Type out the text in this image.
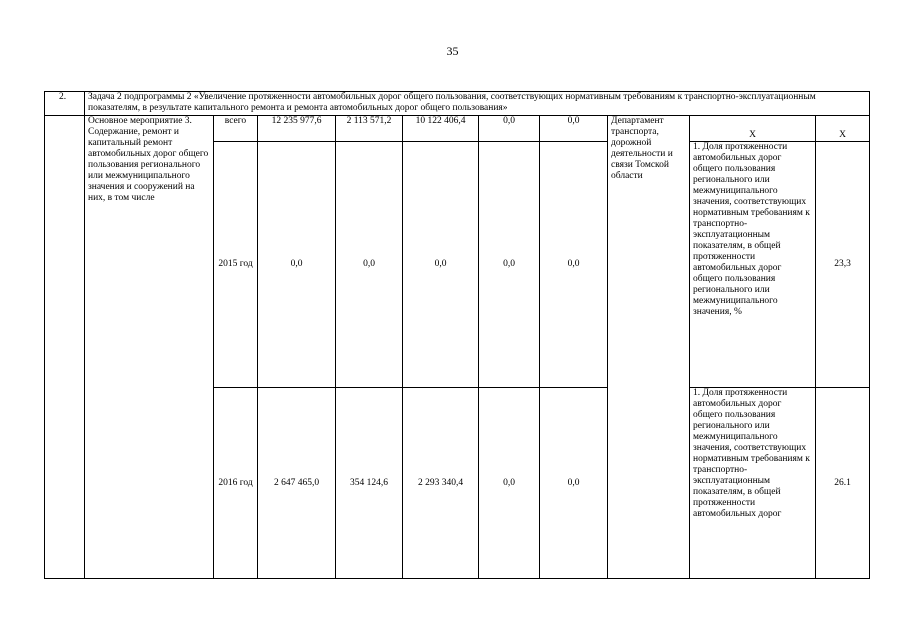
35
2.	Задача 2 подпрограммы 2 «Увеличение протяженности автомобильных дорог общего пользования, соответствующих нормативным требованиям к транспортно-эксплуатационным показателям, в результате капитального ремонта и ремонта автомобильных дорог общего пользования»									
	Основное мероприятие 3. Содержание, ремонт и капитальный ремонт автомобильных дорог общего пользования регионального или межмуниципального значения и сооружений на них, в том числе	всего	12 235 977,6	2 113 571,2	10 122 406,4	0,0	0,0	Департамент транспорта, дорожной деятельности и связи Томской области	Х	Х
		2015 год	0,0	0,0	0,0	0,0	0,0		1. Доля протяженности автомобильных дорог общего пользования регионального или межмуниципального значения, соответствующих нормативным требованиям к транспортно-эксплуатационным показателям, в общей протяженности автомобильных дорог общего пользования регионального или межмуниципального значения, %	23,3
		2016 год	2 647 465,0	354 124,6	2 293 340,4	0,0	0,0		1. Доля протяженности автомобильных дорог общего пользования регионального или межмуниципального значения, соответствующих нормативным требованиям к транспортно-эксплуатационным показателям, в общей протяженности автомобильных дорог	26.1
